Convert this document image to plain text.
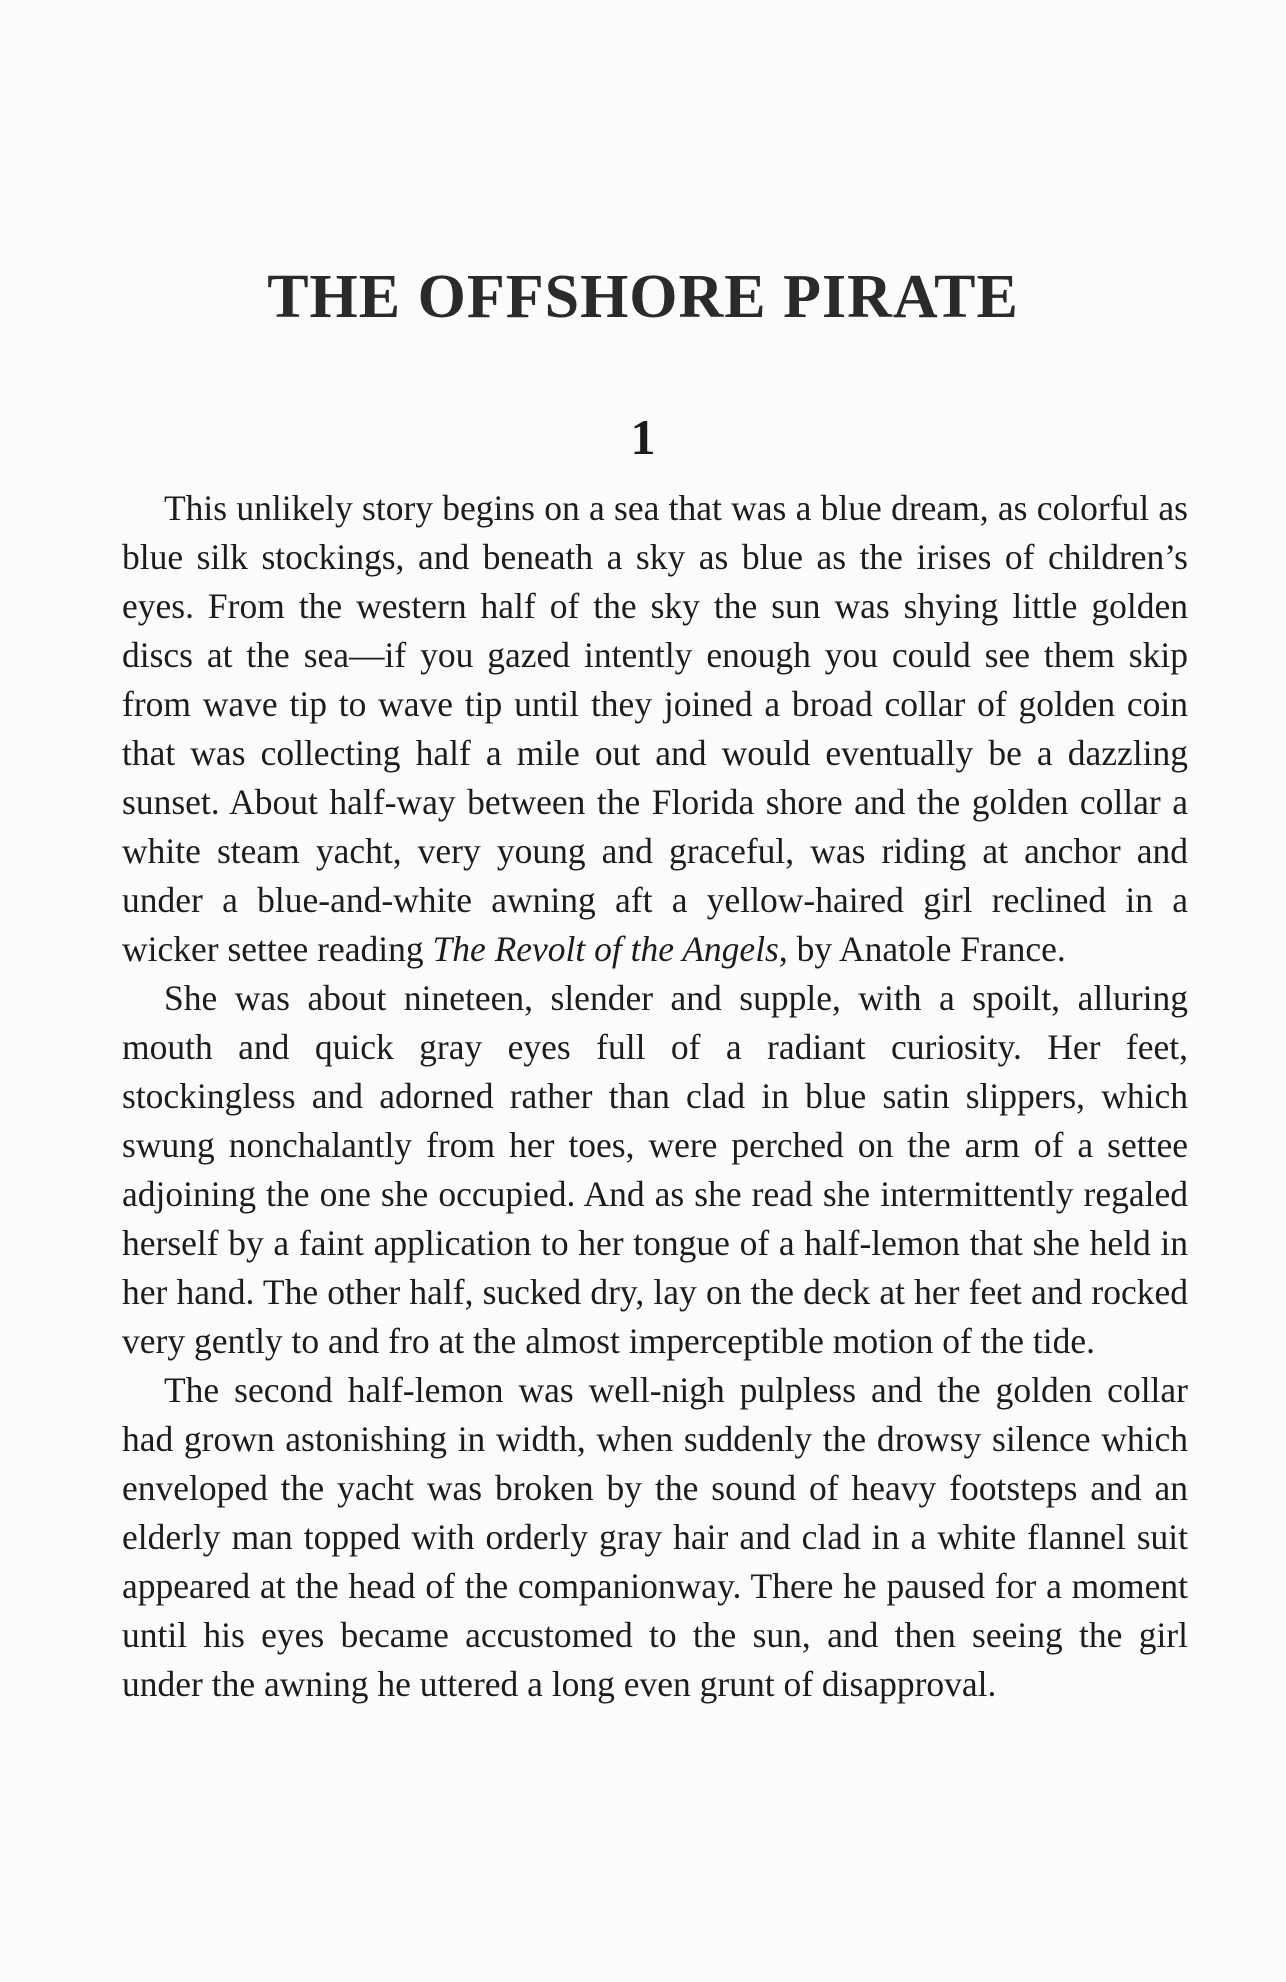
THE OFFSHORE PIRATE
1

This unlikely story begins on a sea that was a blue dream, as colorful as blue silk stockings, and beneath a sky as blue as the irises of children’s eyes. From the western half of the sky the sun was shying little golden discs at the sea—if you gazed intently enough you could see them skip from wave tip to wave tip until they joined a broad collar of golden coin that was collecting half a mile out and would eventually be a dazzling sunset. About half-way between the Florida shore and the golden collar a white steam yacht, very young and graceful, was riding at anchor and under a blue-and-white awning aft a yellow-haired girl reclined in a wicker settee reading The Revolt of the Angels, by Anatole France.

She was about nineteen, slender and supple, with a spoilt, alluring mouth and quick gray eyes full of a radiant curiosity. Her feet, stockingless and adorned rather than clad in blue satin slippers, which swung nonchalantly from her toes, were perched on the arm of a settee adjoining the one she occupied. And as she read she intermittently regaled herself by a faint application to her tongue of a half-lemon that she held in her hand. The other half, sucked dry, lay on the deck at her feet and rocked very gently to and fro at the almost imperceptible motion of the tide.

The second half-lemon was well-nigh pulpless and the golden collar had grown astonishing in width, when suddenly the drowsy silence which enveloped the yacht was broken by the sound of heavy footsteps and an elderly man topped with orderly gray hair and clad in a white flannel suit appeared at the head of the companionway. There he paused for a moment until his eyes became accustomed to the sun, and then seeing the girl under the awning he uttered a long even grunt of disapproval.
